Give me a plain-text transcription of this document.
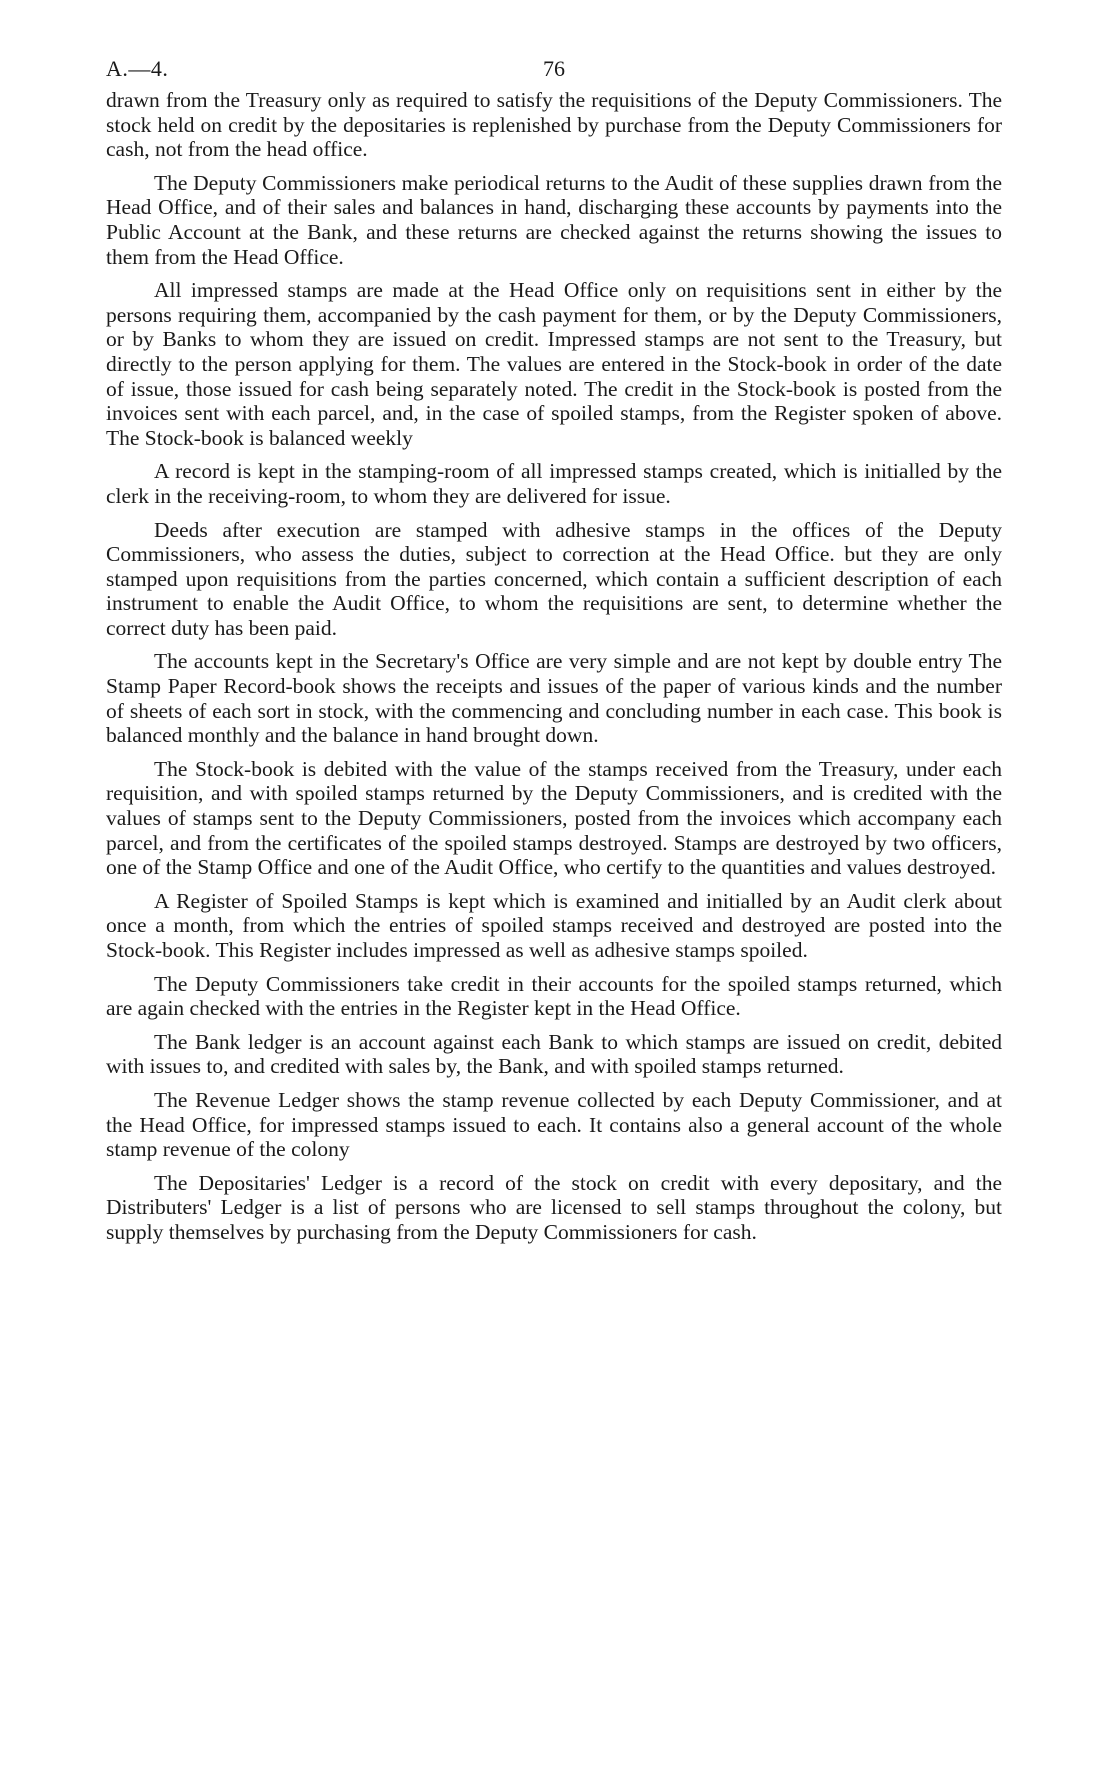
A.—4.	76

drawn from the Treasury only as required to satisfy the requisitions of the Deputy Commissioners. The stock held on credit by the depositaries is replenished by purchase from the Deputy Commissioners for cash, not from the head office.

The Deputy Commissioners make periodical returns to the Audit of these supplies drawn from the Head Office, and of their sales and balances in hand, discharging these accounts by payments into the Public Account at the Bank, and these returns are checked against the returns showing the issues to them from the Head Office.

All impressed stamps are made at the Head Office only on requisitions sent in either by the persons requiring them, accompanied by the cash payment for them, or by the Deputy Commissioners, or by Banks to whom they are issued on credit. Impressed stamps are not sent to the Treasury, but directly to the person applying for them. The values are entered in the Stock-book in order of the date of issue, those issued for cash being separately noted. The credit in the Stock-book is posted from the invoices sent with each parcel, and, in the case of spoiled stamps, from the Register spoken of above. The Stock-book is balanced weekly

A record is kept in the stamping-room of all impressed stamps created, which is initialled by the clerk in the receiving-room, to whom they are delivered for issue.

Deeds after execution are stamped with adhesive stamps in the offices of the Deputy Commissioners, who assess the duties, subject to correction at the Head Office. but they are only stamped upon requisitions from the parties concerned, which contain a sufficient description of each instrument to enable the Audit Office, to whom the requisitions are sent, to determine whether the correct duty has been paid.

The accounts kept in the Secretary's Office are very simple and are not kept by double entry The Stamp Paper Record-book shows the receipts and issues of the paper of various kinds and the number of sheets of each sort in stock, with the commencing and concluding number in each case. This book is balanced monthly and the balance in hand brought down.

The Stock-book is debited with the value of the stamps received from the Treasury, under each requisition, and with spoiled stamps returned by the Deputy Commissioners, and is credited with the values of stamps sent to the Deputy Commissioners, posted from the invoices which accompany each parcel, and from the certificates of the spoiled stamps destroyed. Stamps are destroyed by two officers, one of the Stamp Office and one of the Audit Office, who certify to the quantities and values destroyed.

A Register of Spoiled Stamps is kept which is examined and initialled by an Audit clerk about once a month, from which the entries of spoiled stamps received and destroyed are posted into the Stock-book. This Register includes impressed as well as adhesive stamps spoiled.

The Deputy Commissioners take credit in their accounts for the spoiled stamps returned, which are again checked with the entries in the Register kept in the Head Office.

The Bank ledger is an account against each Bank to which stamps are issued on credit, debited with issues to, and credited with sales by, the Bank, and with spoiled stamps returned.

The Revenue Ledger shows the stamp revenue collected by each Deputy Commissioner, and at the Head Office, for impressed stamps issued to each. It contains also a general account of the whole stamp revenue of the colony

The Depositaries' Ledger is a record of the stock on credit with every depositary, and the Distributers' Ledger is a list of persons who are licensed to sell stamps throughout the colony, but supply themselves by purchasing from the Deputy Commissioners for cash.
